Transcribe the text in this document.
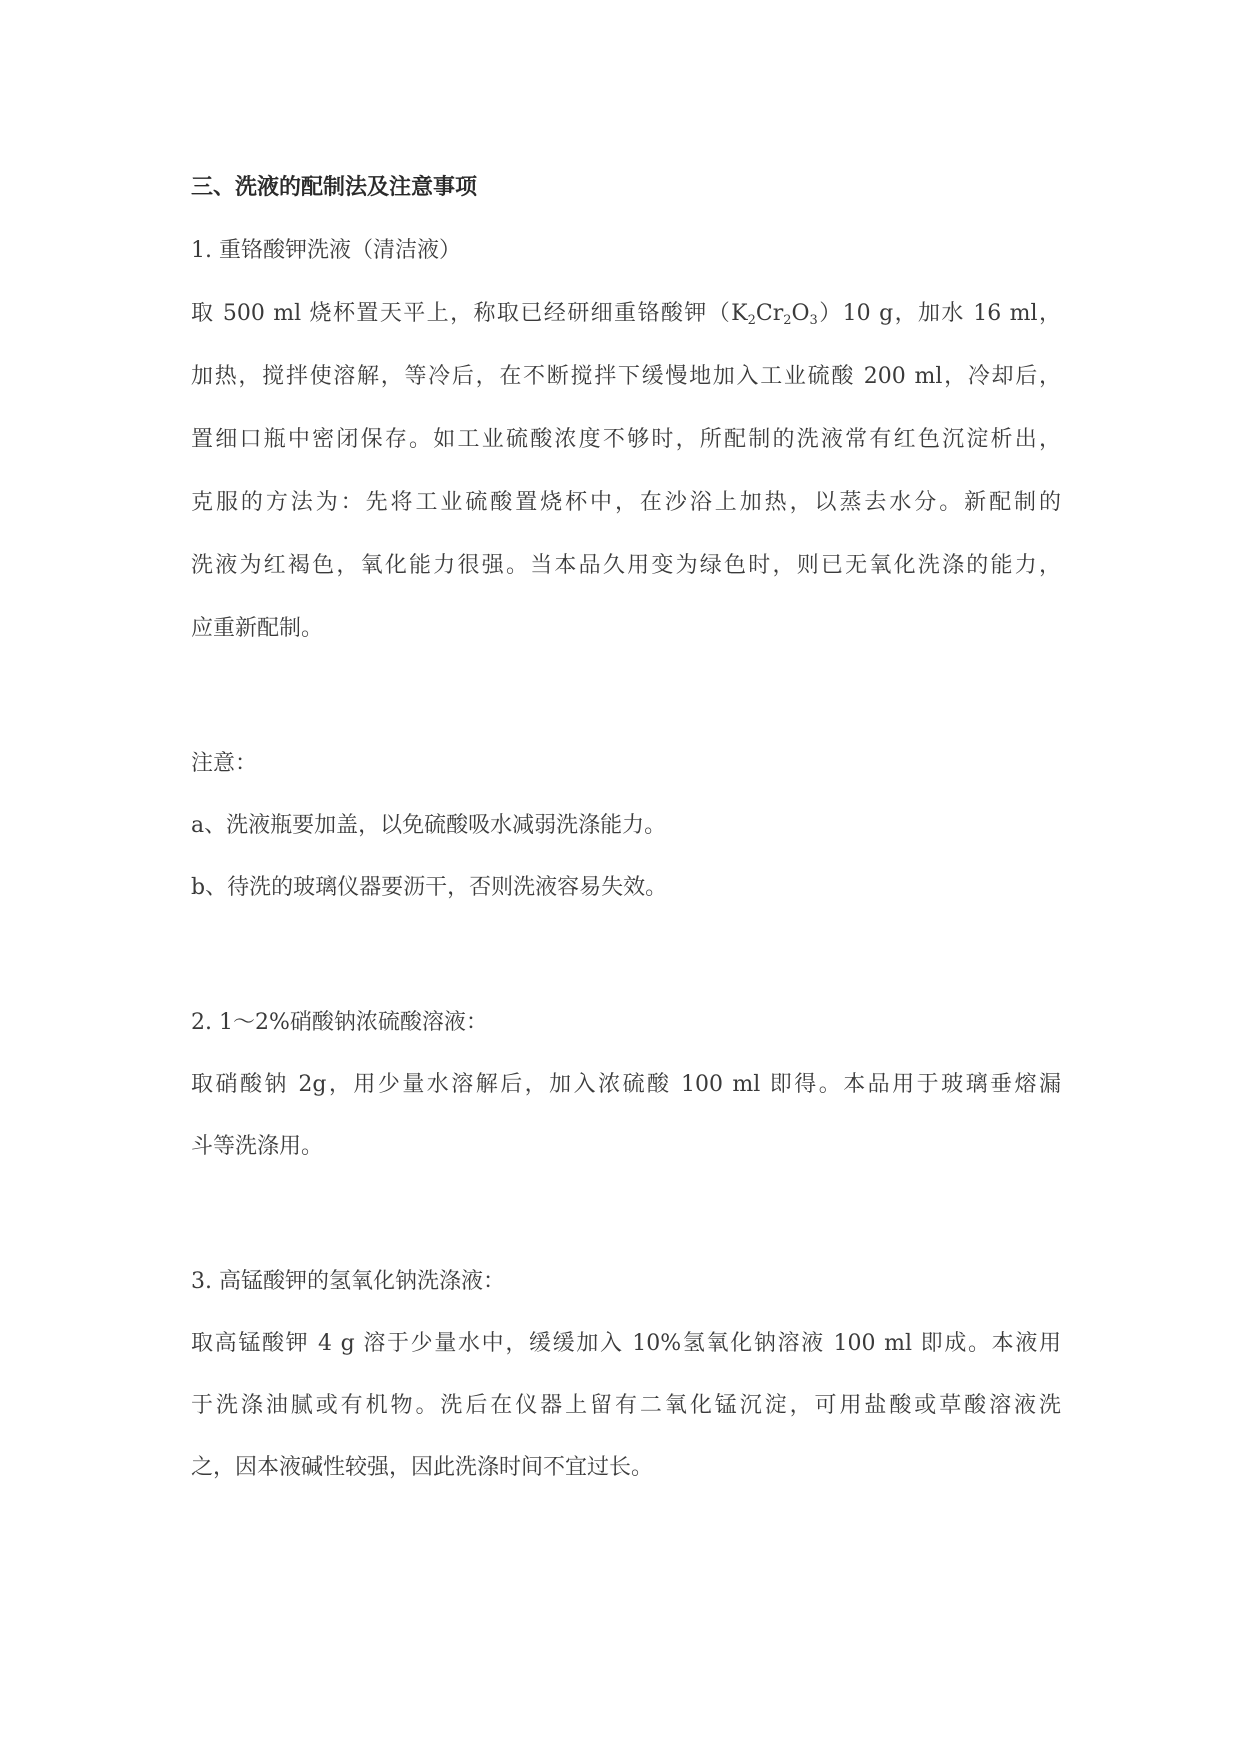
三、洗液的配制法及注意事项
1. 重铬酸钾洗液（清洁液）
取 500 ml 烧杯置天平上，称取已经研细重铬酸钾$(K_2Cr_2O_3)10$ g，加水 16 ml，
加热，搅拌使溶解，等冷后，在不断搅拌下缓慢地加入工业硫酸 200 ml，冷却后，
置细口瓶中密闭保存。如工业硫酸浓度不够时，所配制的洗液常有红色沉淀析出，
克服的方法为：先将工业硫酸置烧杯中，在沙浴上加热，以蒸去水分。新配制的
洗液为红褐色，氧化能力很强。当本品久用变为绿色时，则已无氧化洗涤的能力，
应重新配制。
注意：
a、洗液瓶要加盖，以免硫酸吸水减弱洗涤能力。
b、待洗的玻璃仪器要沥干，否则洗液容易失效。
2. 1～2%硝酸钠浓硫酸溶液：
取硝酸钠 2g，用少量水溶解后，加入浓硫酸 100 ml 即得。本品用于玻璃垂熔漏
斗等洗涤用。
3. 高锰酸钾的氢氧化钠洗涤液：
取高锰酸钾 4 g 溶于少量水中，缓缓加入 10%氢氧化钠溶液 100 ml 即成。本液用
于洗涤油腻或有机物。洗后在仪器上留有二氧化锰沉淀，可用盐酸或草酸溶液洗
之，因本液碱性较强，因此洗涤时间不宜过长。
